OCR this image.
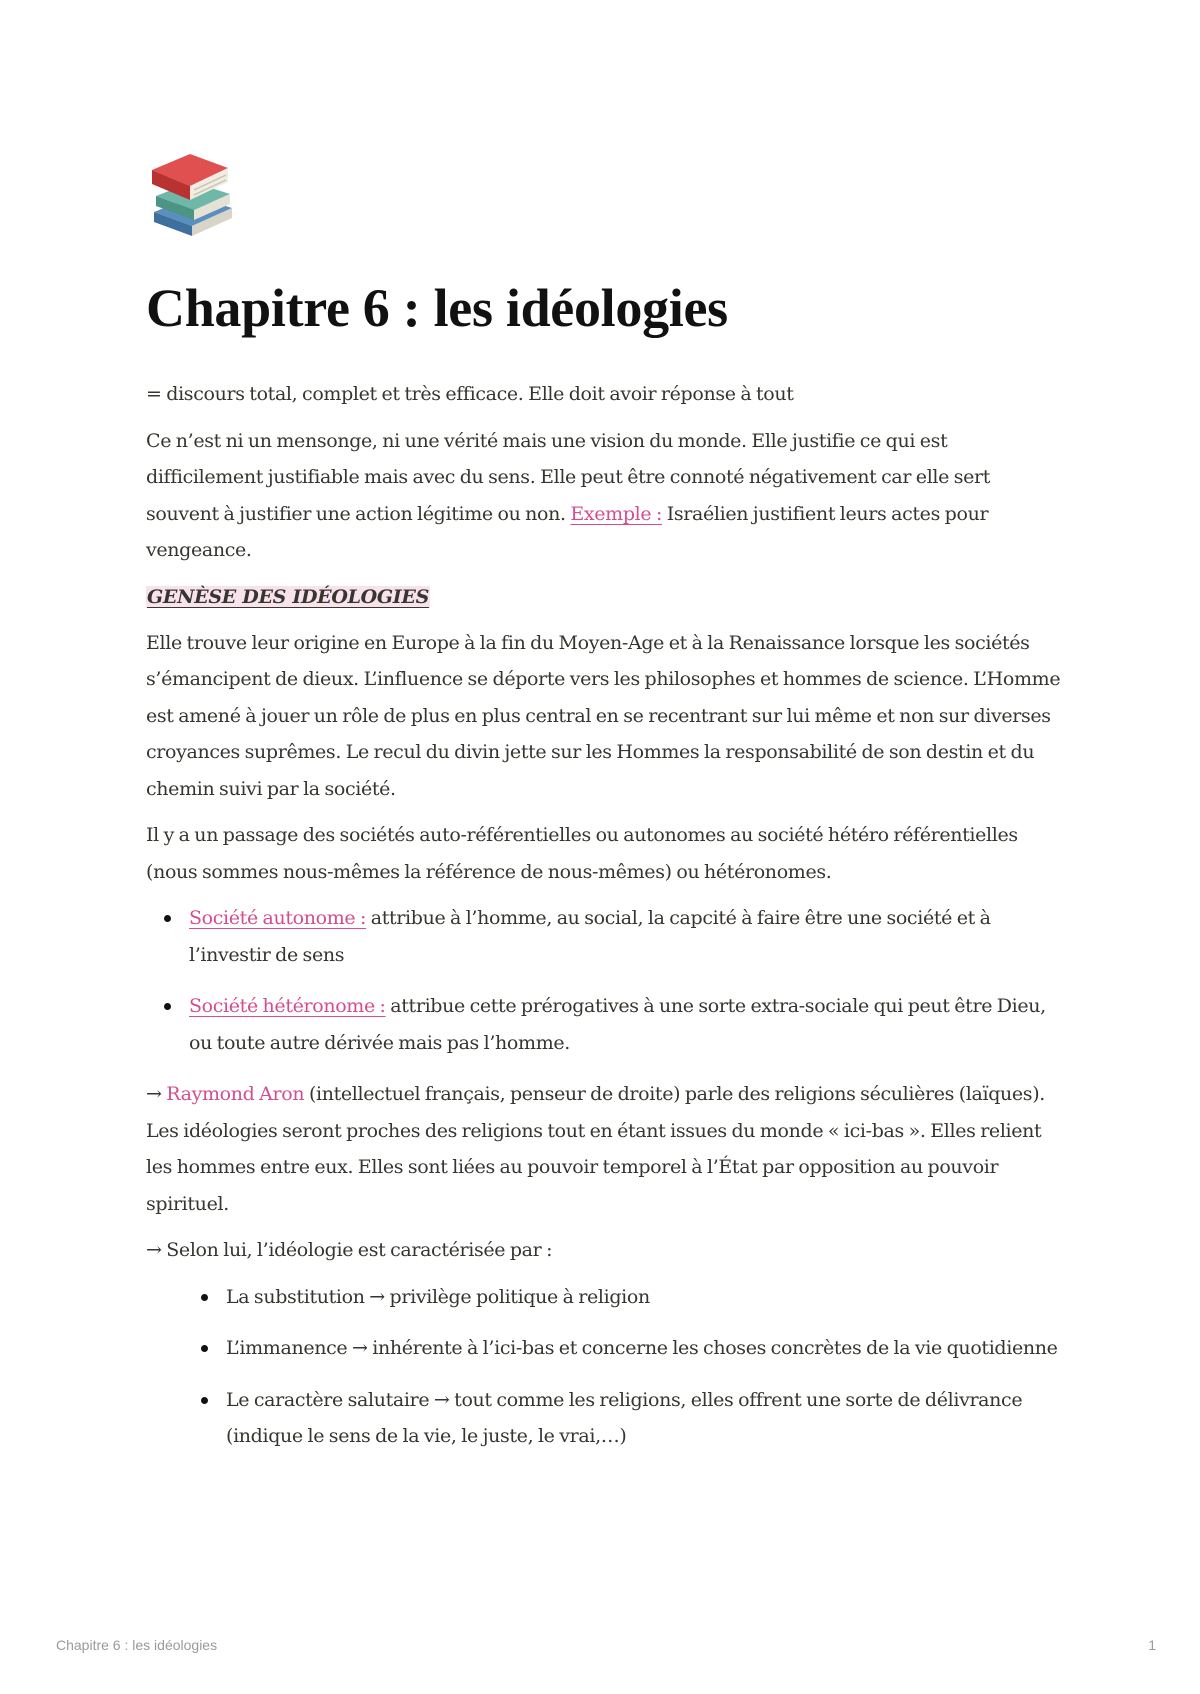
Chapitre 6 : les idéologies

= discours total, complet et très efficace. Elle doit avoir réponse à tout

Ce n’est ni un mensonge, ni une vérité mais une vision du monde. Elle justifie ce qui est difficilement justifiable mais avec du sens. Elle peut être connoté négativement car elle sert souvent à justifier une action légitime ou non. Exemple : Israélien justifient leurs actes pour vengeance.

GENÈSE DES IDÉOLOGIES

Elle trouve leur origine en Europe à la fin du Moyen-Age et à la Renaissance lorsque les sociétés s’émancipent de dieux. L’influence se déporte vers les philosophes et hommes de science. L’Homme est amené à jouer un rôle de plus en plus central en se recentrant sur lui même et non sur diverses croyances suprêmes. Le recul du divin jette sur les Hommes la responsabilité de son destin et du chemin suivi par la société.

Il y a un passage des sociétés auto-référentielles ou autonomes au société hétéro référentielles (nous sommes nous-mêmes la référence de nous-mêmes) ou hétéronomes.

Société autonome : attribue à l’homme, au social, la capcité à faire être une société et à l’investir de sens
Société hétéronome : attribue cette prérogatives à une sorte extra-sociale qui peut être Dieu, ou toute autre dérivée mais pas l’homme.

→ Raymond Aron (intellectuel français, penseur de droite) parle des religions séculières (laïques). Les idéologies seront proches des religions tout en étant issues du monde « ici-bas ». Elles relient les hommes entre eux. Elles sont liées au pouvoir temporel à l’État par opposition au pouvoir spirituel.

→ Selon lui, l’idéologie est caractérisée par :

La substitution → privilège politique à religion
L’immanence → inhérente à l’ici-bas et concerne les choses concrètes de la vie quotidienne
Le caractère salutaire → tout comme les religions, elles offrent une sorte de délivrance (indique le sens de la vie, le juste, le vrai,…)
Chapitre 6 : les idéologies	1
